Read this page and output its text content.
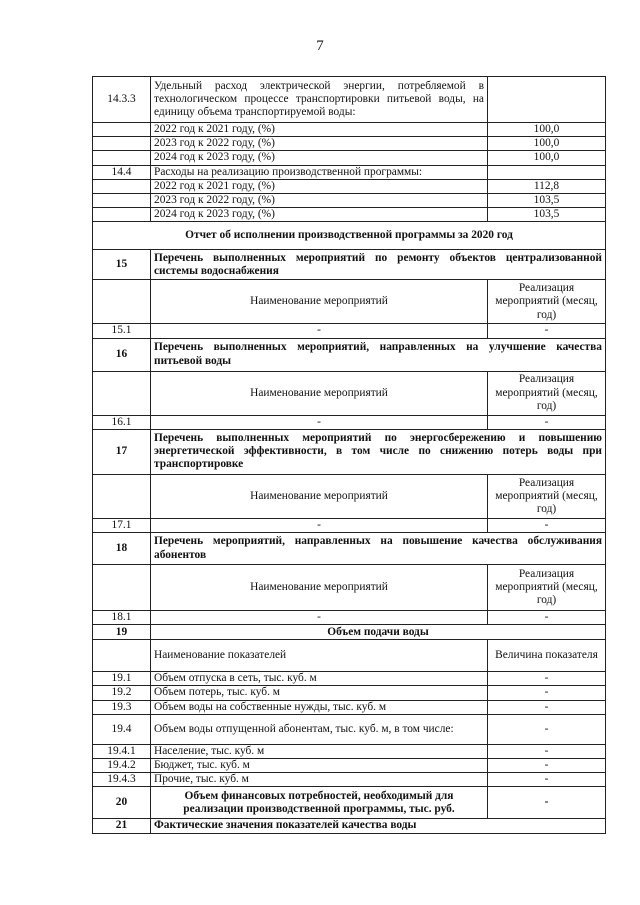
7
14.3.3	Удельный расход электрической энергии, потребляемой в технологическом процессе транспортировки питьевой воды, на единицу объема транспортируемой воды:	
	2022 год к 2021 году, (%)	100,0
	2023 год к 2022 году, (%)	100,0
	2024 год к 2023 году, (%)	100,0
14.4	Расходы на реализацию производственной программы:	
	2022 год к 2021 году, (%)	112,8
	2023 год к 2022 году, (%)	103,5
	2024 год к 2023 году, (%)	103,5
Отчет об исполнении производственной программы за 2020 год		
15	Перечень выполненных мероприятий по ремонту объектов централизованной системы водоснабжения	
	Наименование мероприятий	Реализация мероприятий (месяц, год)
15.1	-	-
16	Перечень выполненных мероприятий, направленных на улучшение качества питьевой воды	
	Наименование мероприятий	Реализация мероприятий (месяц, год)
16.1	-	-
17	Перечень выполненных мероприятий по энергосбережению и повышению энергетической эффективности, в том числе по снижению потерь воды при транспортировке	
	Наименование мероприятий	Реализация мероприятий (месяц, год)
17.1	-	-
18	Перечень мероприятий, направленных на повышение качества обслуживания абонентов	
	Наименование мероприятий	Реализация мероприятий (месяц, год)
18.1	-	-
19	Объем подачи воды	
	Наименование показателей	Величина показателя
19.1	Объем отпуска в сеть, тыс. куб. м	-
19.2	Объем потерь, тыс. куб. м	-
19.3	Объем воды на собственные нужды, тыс. куб. м	-
19.4	Объем воды отпущенной абонентам, тыс. куб. м, в том числе:	-
19.4.1	Население, тыс. куб. м	-
19.4.2	Бюджет, тыс. куб. м	-
19.4.3	Прочие, тыс. куб. м	-
20	Объем финансовых потребностей, необходимый для реализации производственной программы, тыс. руб.	-
21	Фактические значения показателей качества воды	
